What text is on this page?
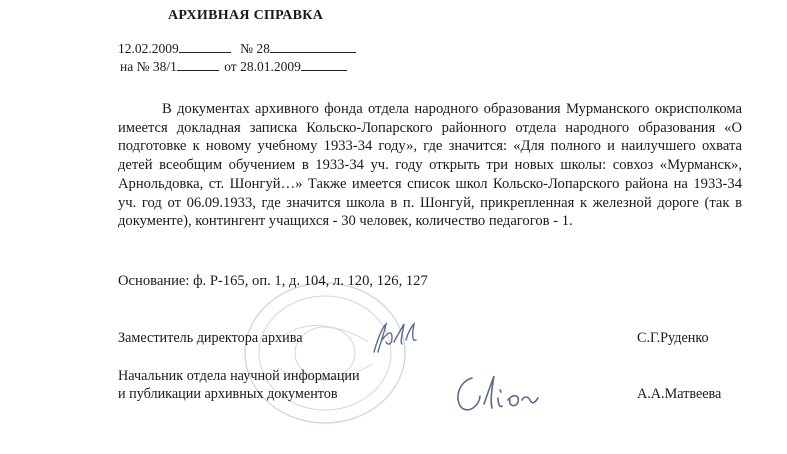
АРХИВНАЯ СПРАВКА
12.02.2009	№ 28
на № 38/1	от 28.01.2009

В документах архивного фонда отдела народного образования Мурманского окрисполкома имеется докладная записка Кольско-Лопарского районного отдела народного образования «О подготовке к новому учебному 1933-34 году», где значится: «Для полного и наилучшего охвата детей всеобщим обучением в 1933-34 уч. году открыть три новых школы: совхоз «Мурманск», Арнольдовка, ст. Шонгуй…» Также имеется список школ Кольско-Лопарского района на 1933-34 уч. год от 06.09.1933, где значится школа в п. Шонгуй, прикрепленная к железной дороге (так в документе), контингент учащихся - 30 человек, количество педагогов - 1.

Основание: ф. Р-165, оп. 1, д. 104, л. 120, 126, 127
Заместитель директора архива	С.Г.Руденко
Начальник отдела научной информации
и публикации архивных документов	А.А.Матвеева
